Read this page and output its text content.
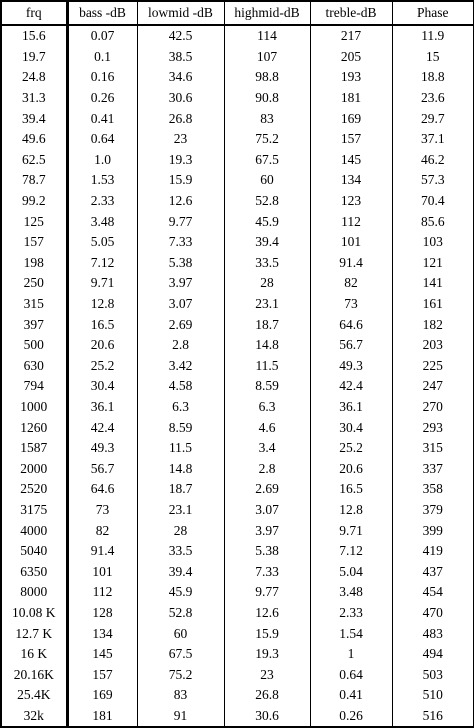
frq	bass -dB	lowmid -dB	highmid-dB	treble-dB	Phase
15.6	0.07	42.5	114	217	11.9
19.7	0.1	38.5	107	205	15
24.8	0.16	34.6	98.8	193	18.8
31.3	0.26	30.6	90.8	181	23.6
39.4	0.41	26.8	83	169	29.7
49.6	0.64	23	75.2	157	37.1
62.5	1.0	19.3	67.5	145	46.2
78.7	1.53	15.9	60	134	57.3
99.2	2.33	12.6	52.8	123	70.4
125	3.48	9.77	45.9	112	85.6
157	5.05	7.33	39.4	101	103
198	7.12	5.38	33.5	91.4	121
250	9.71	3.97	28	82	141
315	12.8	3.07	23.1	73	161
397	16.5	2.69	18.7	64.6	182
500	20.6	2.8	14.8	56.7	203
630	25.2	3.42	11.5	49.3	225
794	30.4	4.58	8.59	42.4	247
1000	36.1	6.3	6.3	36.1	270
1260	42.4	8.59	4.6	30.4	293
1587	49.3	11.5	3.4	25.2	315
2000	56.7	14.8	2.8	20.6	337
2520	64.6	18.7	2.69	16.5	358
3175	73	23.1	3.07	12.8	379
4000	82	28	3.97	9.71	399
5040	91.4	33.5	5.38	7.12	419
6350	101	39.4	7.33	5.04	437
8000	112	45.9	9.77	3.48	454
10.08 K	128	52.8	12.6	2.33	470
12.7 K	134	60	15.9	1.54	483
16 K	145	67.5	19.3	1	494
20.16K	157	75.2	23	0.64	503
25.4K	169	83	26.8	0.41	510
32k	181	91	30.6	0.26	516
